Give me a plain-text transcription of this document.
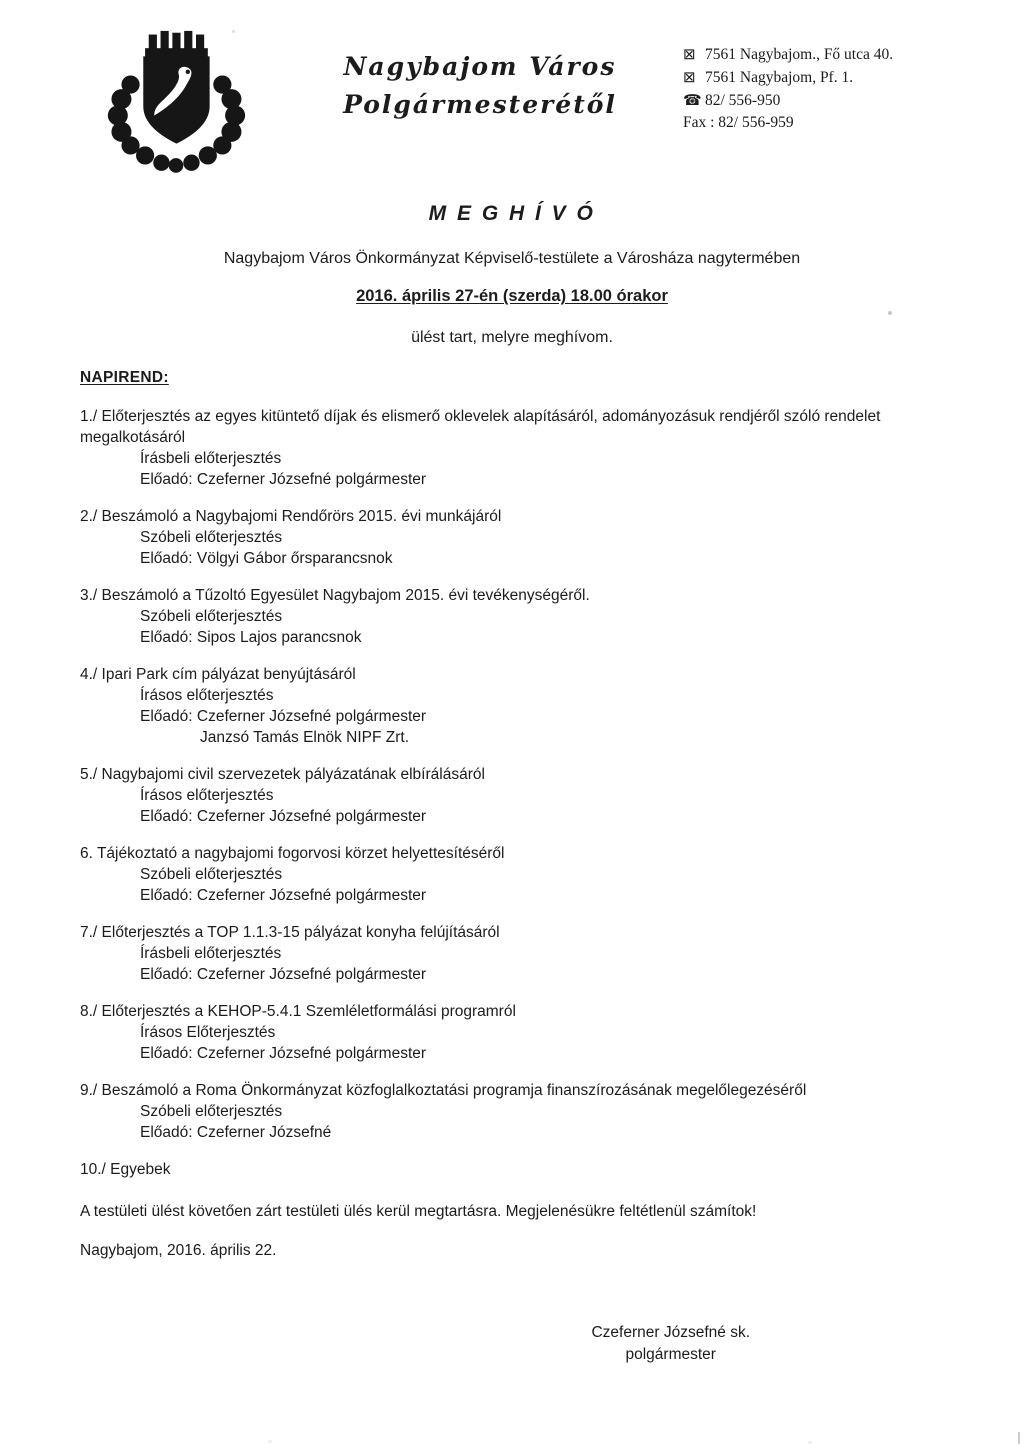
Nagybajom Város
Polgármesterétől
⊠ 7561 Nagybajom., Fő utca 40.
⊠ 7561 Nagybajom, Pf. 1.
☎ 82/ 556-950
Fax : 82/ 556-959
M E G H Í V Ó
Nagybajom Város Önkormányzat Képviselő-testülete a Városháza nagytermében
2016. április 27-én (szerda) 18.00 órakor
ülést tart, melyre meghívom.
NAPIREND:
1./ Előterjesztés az egyes kitüntető díjak és elismerő oklevelek alapításáról, adományozásuk rendjéről szóló rendelet megalkotásáról
Írásbeli előterjesztés
Előadó: Czeferner Józsefné polgármester
2./ Beszámoló a Nagybajomi Rendőrörs 2015. évi munkájáról
Szóbeli előterjesztés
Előadó: Völgyi Gábor őrsparancsnok
3./ Beszámoló a Tűzoltó Egyesület Nagybajom 2015. évi tevékenységéről.
Szóbeli előterjesztés
Előadó: Sipos Lajos parancsnok
4./ Ipari Park cím pályázat benyújtásáról
Írásos előterjesztés
Előadó: Czeferner Józsefné polgármester
Janzsó Tamás Elnök NIPF Zrt.
5./ Nagybajomi civil szervezetek pályázatának elbírálásáról
Írásos előterjesztés
Előadó: Czeferner Józsefné polgármester
6. Tájékoztató a nagybajomi fogorvosi körzet helyettesítéséről
Szóbeli előterjesztés
Előadó: Czeferner Józsefné polgármester
7./ Előterjesztés a TOP 1.1.3-15 pályázat konyha felújításáról
Írásbeli előterjesztés
Előadó: Czeferner Józsefné polgármester
8./ Előterjesztés a KEHOP-5.4.1 Szemléletformálási programról
Írásos Előterjesztés
Előadó: Czeferner Józsefné polgármester
9./ Beszámoló a Roma Önkormányzat közfoglalkoztatási programja finanszírozásának megelőlegezéséről
Szóbeli előterjesztés
Előadó: Czeferner Józsefné
10./ Egyebek

A testületi ülést követően zárt testületi ülés kerül megtartásra. Megjelenésükre feltétlenül számítok!

Nagybajom, 2016. április 22.

Czeferner Józsefné sk.
polgármester
